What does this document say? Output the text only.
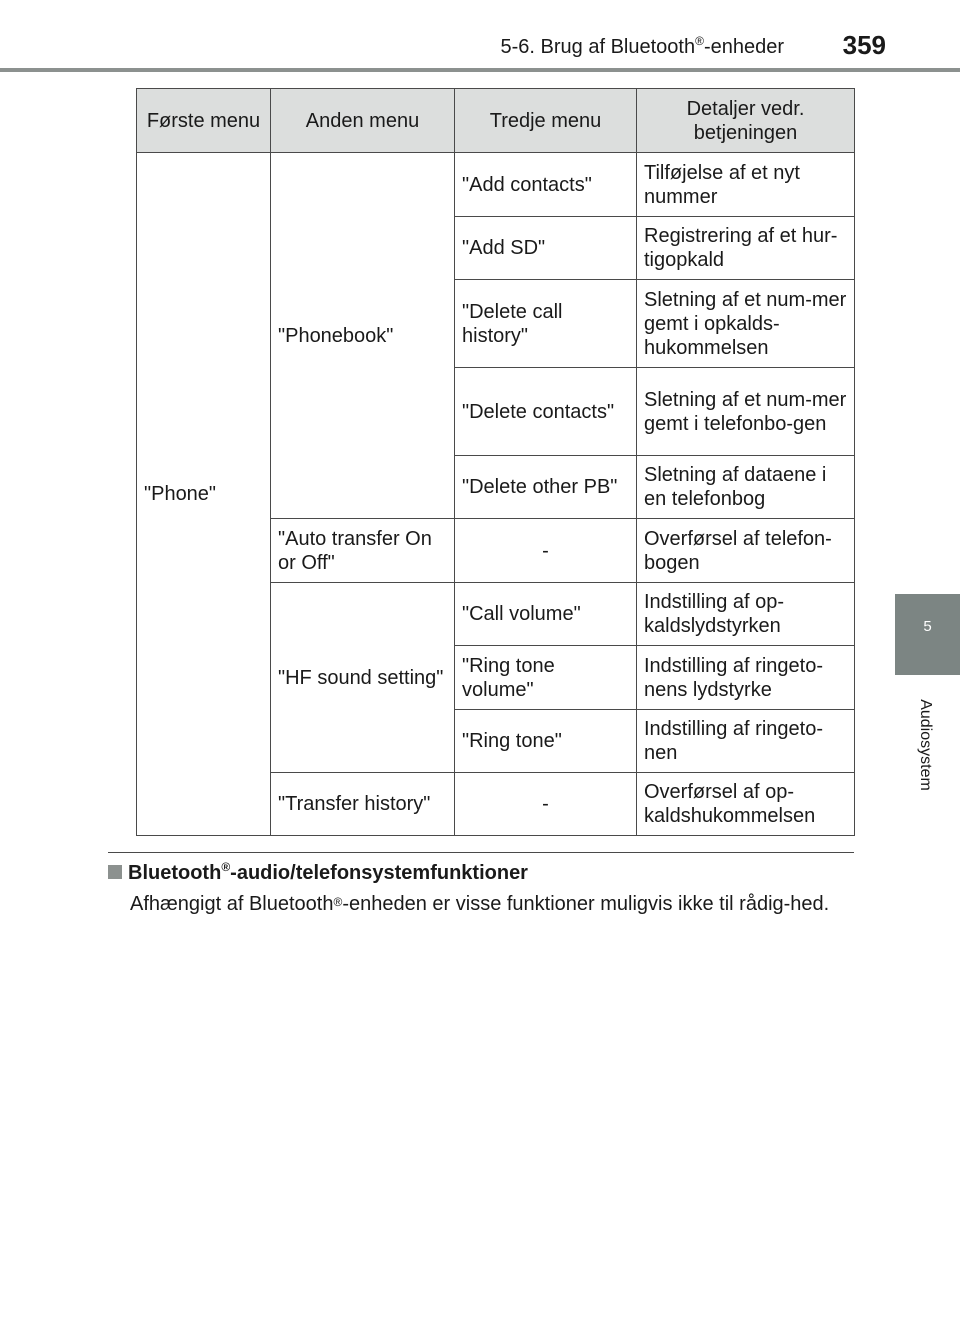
5-6. Brug af Bluetooth®-enheder 359
5
Audiosystem
Første menu	Anden menu	Tredje menu	Detaljer vedr. betjeningen
"Phone"	"Phonebook"	"Add contacts"	Tilføjelse af et nyt nummer
		"Add SD"	Registrering af et hur-tigopkald
		"Delete call history"	Sletning af et num-mer gemt i opkalds-hukommelsen
		"Delete contacts"	Sletning af et num-mer gemt i telefonbo-gen
		"Delete other PB"	Sletning af dataene i en telefonbog
	"Auto transfer On or Off"	-	Overførsel af telefon-bogen
	"HF sound setting"	"Call volume"	Indstilling af op-kaldslydstyrken
		"Ring tone volume"	Indstilling af ringeto-nens lydstyrke
		"Ring tone"	Indstilling af ringeto-nen
	"Transfer history"	-	Overførsel af op-kaldshukommelsen
Bluetooth®-audio/telefonsystemfunktioner
Afhængigt af Bluetooth®-enheden er visse funktioner muligvis ikke til rådig-hed.
